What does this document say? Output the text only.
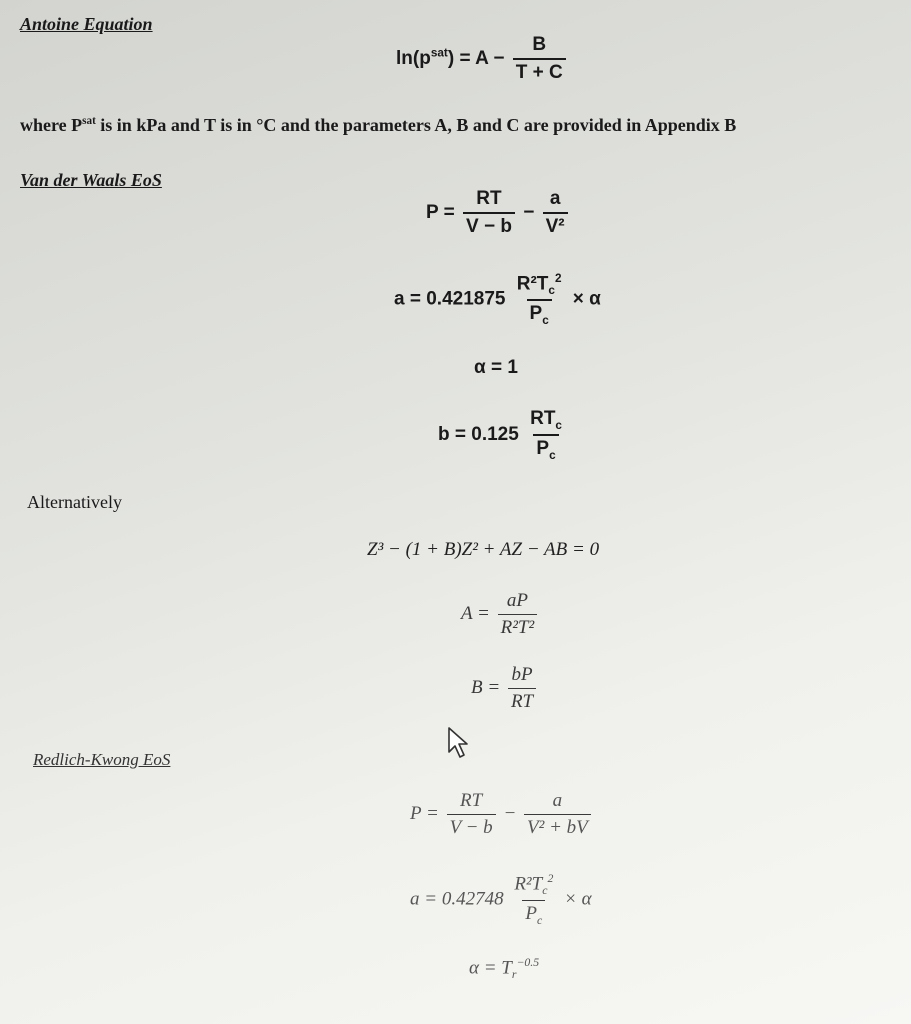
Antoine Equation
$\ln(p^{sat}) = A - \frac{B}{T + C}$
where $P^{sat}$ is in kPa and T is in °C and the parameters A, B and C are provided in Appendix B
Van der Waals EoS
$P = \frac{RT}{V - b} - \frac{a}{\text{V²}}$
$a = 0.421875 \frac{R^2T_c^2}{P_c} \times \alpha$
α = 1
$b = 0.125 \frac{RT_c}{P_c}$
Alternatively
Z³ − (1 + B)Z² + AZ − AB = 0
$A = \frac{aP}{\text{R²T²}}$
$B = \frac{bP}{RT}$
Redlich-Kwong EoS
$P = \frac{RT}{V - b} - \frac{a}{\text{V² + bV}}$
$a = 0.42748 \frac{R^2T_c^2}{P_c} \times \alpha$
$\alpha = T_r^{-0.5}$
